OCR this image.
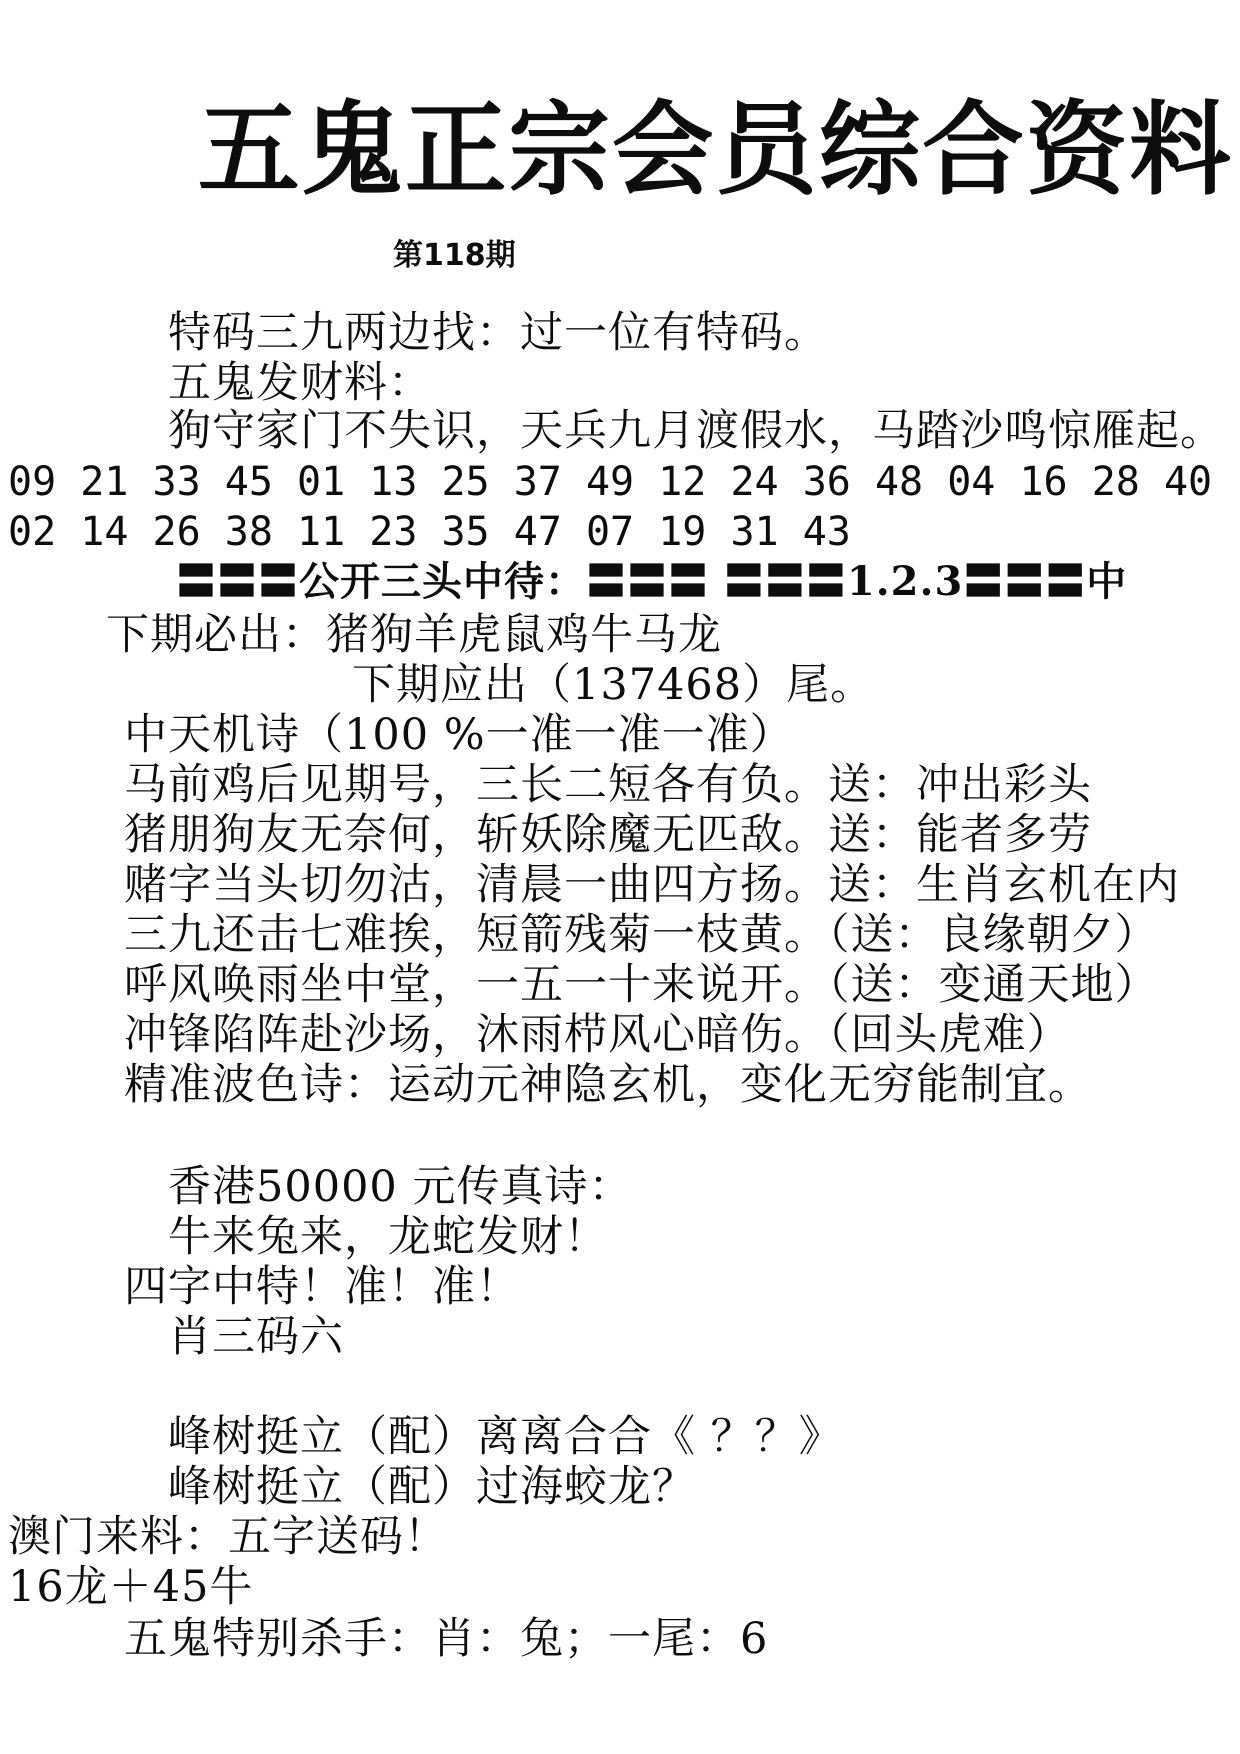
五鬼正宗会员综合资料
第118期
特码三九两边找：过一位有特码。
五鬼发财料：
狗守家门不失识，天兵九月渡假水，马踏沙鸣惊雁起。
09 21 33 45 01 13 25 37 49 12 24 36 48 04 16 28 40
02 14 26 38 11 23 35 47 07 19 31 43
〓〓〓公开三头中待：〓〓〓 〓〓〓1.2.3〓〓〓中
下期必出：猪狗羊虎鼠鸡牛马龙
下期应出（137468）尾。
中天机诗（100 %一准一准一准）
马前鸡后见期号，三长二短各有负。送：冲出彩头
猪朋狗友无奈何，斩妖除魔无匹敌。送：能者多劳
赌字当头切勿沽，清晨一曲四方扬。送：生肖玄机在内
三九还击七难挨，短箭残菊一枝黄。（送：良缘朝夕）
呼风唤雨坐中堂，一五一十来说开。（送：变通天地）
冲锋陷阵赴沙场，沐雨栉风心暗伤。（回头虎难）
精准波色诗：运动元神隐玄机，变化无穷能制宜。
香港50000 元传真诗：
牛来兔来，龙蛇发财！
四字中特！准！准！
肖三码六
峰树挺立（配）离离合合《 ？？》
峰树挺立（配）过海蛟龙？
澳门来料：五字送码！
16龙＋45牛
五鬼特别杀手：肖：兔；一尾：6
